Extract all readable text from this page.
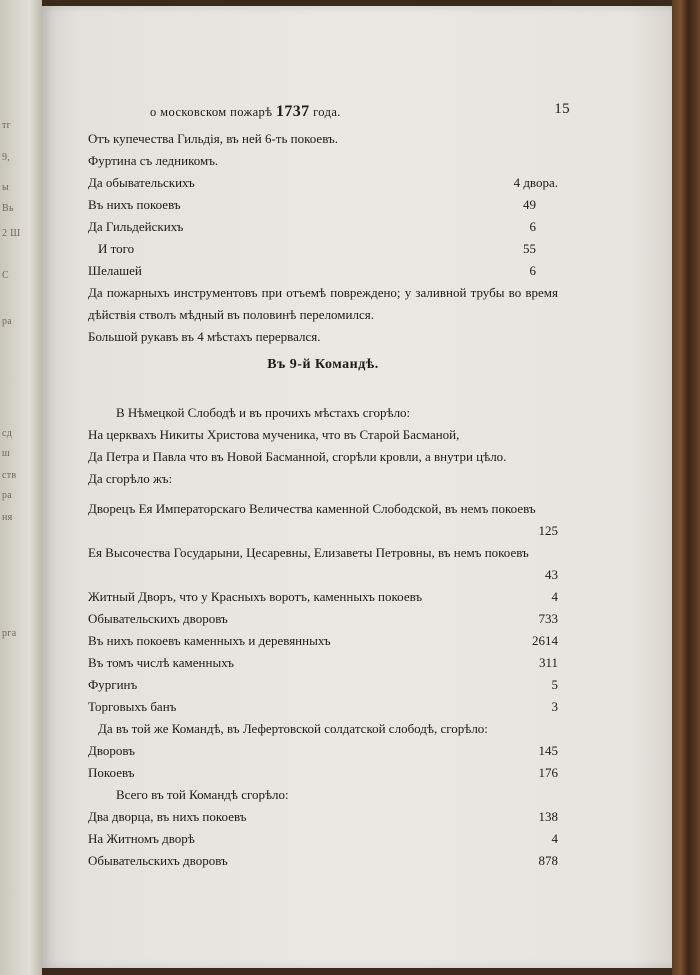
тг
9,
ы
Вь
2 Ш
С
ра
сд
ш
ств
ра
ня
рга
о московском пожарѣ 1737 года.	15
Отъ купечества Гильдія, въ ней 6-ть покоевъ.
Фуртина съ ледникомъ.
Да обывательскихъ	4 двора.
Въ нихъ покоевъ	49
Да Гильдейскихъ	6
И того	55
Шелашей	6
Да пожарныхъ инструментовъ при отъемѣ повреждено; у заливной трубы во время дѣйствія стволъ мѣдный въ половинѣ переломился.
Большой рукавъ въ 4 мѣстахъ перервался.
Въ 9-й Командѣ.
В Нѣмецкой Слободѣ и въ прочихъ мѣстахъ сгорѣло:
На церквахъ Никиты Христова мученика, что въ Старой Басманой,
Да Петра и Павла что въ Новой Басманной, сгорѣли кровли, а внутри цѣло.
Да сгорѣло жъ:
Дворецъ Ея Императорскаго Величества каменной Слободской, въ немъ покоевъ
125
Ея Высочества Государыни, Цесаревны, Елизаветы Петровны, въ немъ покоевъ
43
Житный Дворъ, что у Красныхъ воротъ, каменныхъ покоевъ	4
Обывательскихъ дворовъ	733
Въ нихъ покоевъ каменныхъ и деревянныхъ	2614
Въ томъ числѣ каменныхъ	311
Фургинъ	5
Торговыхъ банъ	3
Да въ той же Командѣ, въ Лефертовской солдатской слободѣ, сгорѣло:
Дворовъ	145
Покоевъ	176
Всего въ той Командѣ сгорѣло:
Два дворца, въ нихъ покоевъ	138
На Житномъ дворѣ	4
Обывательскихъ дворовъ	878
